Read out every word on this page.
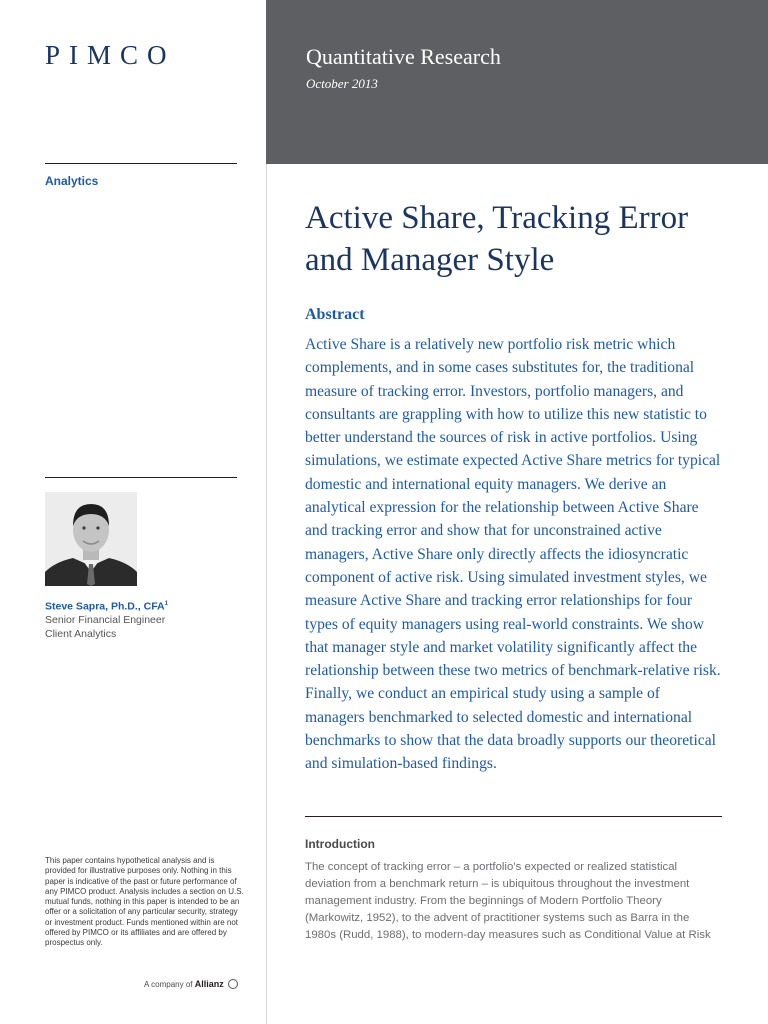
PIMCO
Analytics
Steve Sapra, Ph.D., CFA$^1$
Senior Financial Engineer
Client Analytics
This paper contains hypothetical analysis and is provided for illustrative purposes only. Nothing in this paper is indicative of the past or future performance of any PIMCO product. Analysis includes a section on U.S. mutual funds, nothing in this paper is intended to be an offer or a solicitation of any particular security, strategy or investment product. Funds mentioned within are not offered by PIMCO or its affiliates and are offered by prospectus only.
A company of Allianz
Quantitative Research
October 2013
Active Share, Tracking Error and Manager Style
Abstract

Active Share is a relatively new portfolio risk metric which complements, and in some cases substitutes for, the traditional measure of tracking error. Investors, portfolio managers, and consultants are grappling with how to utilize this new statistic to better understand the sources of risk in active portfolios. Using simulations, we estimate expected Active Share metrics for typical domestic and international equity managers. We derive an analytical expression for the relationship between Active Share and tracking error and show that for unconstrained active managers, Active Share only directly affects the idiosyncratic component of active risk. Using simulated investment styles, we measure Active Share and tracking error relationships for four types of equity managers using real-world constraints. We show that manager style and market volatility significantly affect the relationship between these two metrics of benchmark-relative risk. Finally, we conduct an empirical study using a sample of managers benchmarked to selected domestic and international benchmarks to show that the data broadly supports our theoretical and simulation-based findings.

Introduction

The concept of tracking error – a portfolio’s expected or realized statistical deviation from a benchmark return – is ubiquitous throughout the investment management industry. From the beginnings of Modern Portfolio Theory (Markowitz, 1952), to the advent of practitioner systems such as Barra in the 1980s (Rudd, 1988), to modern-day measures such as Conditional Value at Risk
